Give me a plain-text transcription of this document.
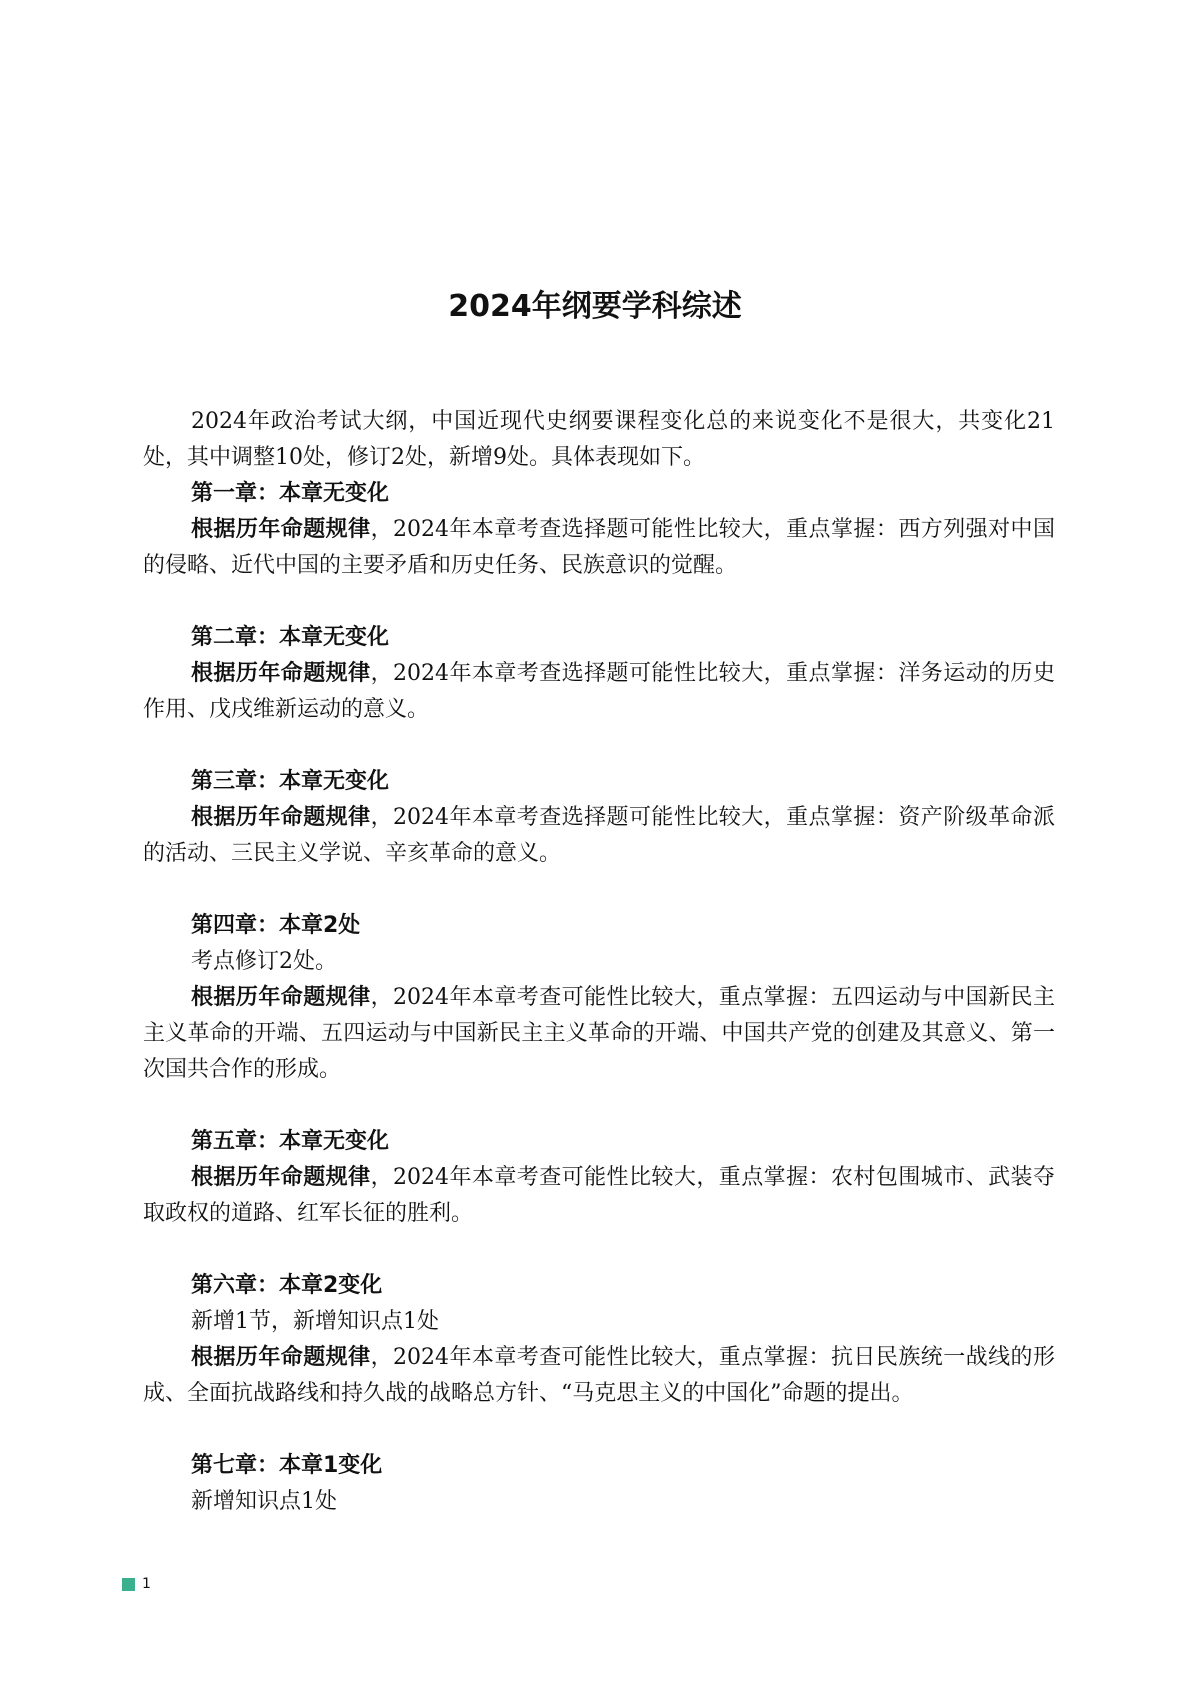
2024年纲要学科综述

2024年政治考试大纲，中国近现代史纲要课程变化总的来说变化不是很大，共变化21处，其中调整10处，修订2处，新增9处。具体表现如下。

第一章：本章无变化

根据历年命题规律，2024年本章考查选择题可能性比较大，重点掌握：西方列强对中国的侵略、近代中国的主要矛盾和历史任务、民族意识的觉醒。

第二章：本章无变化

根据历年命题规律，2024年本章考查选择题可能性比较大，重点掌握：洋务运动的历史作用、戊戌维新运动的意义。

第三章：本章无变化

根据历年命题规律，2024年本章考查选择题可能性比较大，重点掌握：资产阶级革命派的活动、三民主义学说、辛亥革命的意义。

第四章：本章2处

考点修订2处。

根据历年命题规律，2024年本章考查可能性比较大，重点掌握：五四运动与中国新民主主义革命的开端、五四运动与中国新民主主义革命的开端、中国共产党的创建及其意义、第一次国共合作的形成。

第五章：本章无变化

根据历年命题规律，2024年本章考查可能性比较大，重点掌握：农村包围城市、武装夺取政权的道路、红军长征的胜利。

第六章：本章2变化

新增1节，新增知识点1处

根据历年命题规律，2024年本章考查可能性比较大，重点掌握：抗日民族统一战线的形成、全面抗战路线和持久战的战略总方针、“马克思主义的中国化”命题的提出。

第七章：本章1变化

新增知识点1处

1
